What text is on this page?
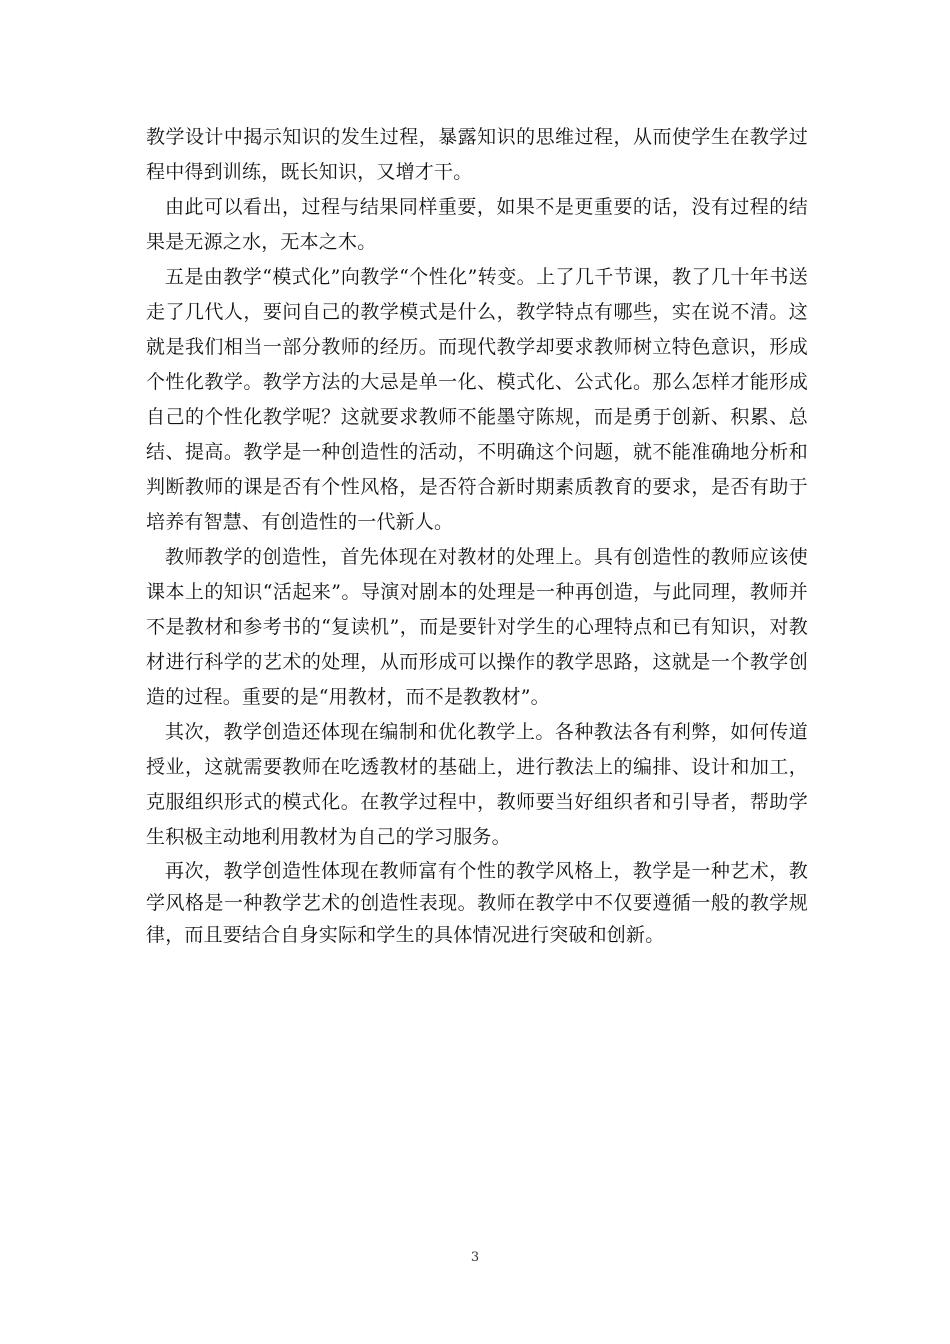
教学设计中揭示知识的发生过程，暴露知识的思维过程，从而使学生在教学过程中得到训练，既长知识，又增才干。

由此可以看出，过程与结果同样重要，如果不是更重要的话，没有过程的结果是无源之水，无本之木。

五是由教学“模式化”向教学“个性化”转变。上了几千节课，教了几十年书送走了几代人，要问自己的教学模式是什么，教学特点有哪些，实在说不清。这就是我们相当一部分教师的经历。而现代教学却要求教师树立特色意识，形成个性化教学。教学方法的大忌是单一化、模式化、公式化。那么怎样才能形成自己的个性化教学呢？这就要求教师不能墨守陈规，而是勇于创新、积累、总结、提高。教学是一种创造性的活动，不明确这个问题，就不能准确地分析和判断教师的课是否有个性风格，是否符合新时期素质教育的要求，是否有助于培养有智慧、有创造性的一代新人。

教师教学的创造性，首先体现在对教材的处理上。具有创造性的教师应该使课本上的知识“活起来”。导演对剧本的处理是一种再创造，与此同理，教师并不是教材和参考书的“复读机”，而是要针对学生的心理特点和已有知识，对教材进行科学的艺术的处理，从而形成可以操作的教学思路，这就是一个教学创造的过程。重要的是“用教材，而不是教教材”。

其次，教学创造还体现在编制和优化教学上。各种教法各有利弊，如何传道授业，这就需要教师在吃透教材的基础上，进行教法上的编排、设计和加工，克服组织形式的模式化。在教学过程中，教师要当好组织者和引导者，帮助学生积极主动地利用教材为自己的学习服务。

再次，教学创造性体现在教师富有个性的教学风格上，教学是一种艺术，教学风格是一种教学艺术的创造性表现。教师在教学中不仅要遵循一般的教学规律，而且要结合自身实际和学生的具体情况进行突破和创新。

3
